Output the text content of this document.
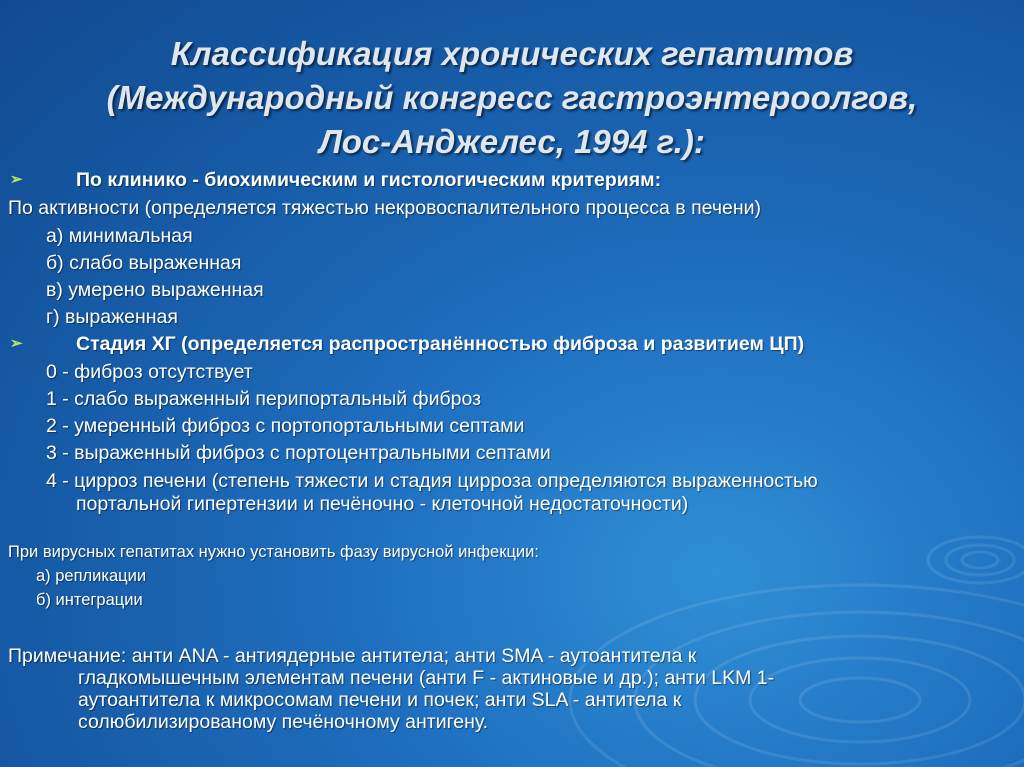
Классификация хронических гепатитов
(Международный конгресс гастроэнтероолгов,
Лос-Анджелес, 1994 г.):
➢	По клинико - биохимическим и гистологическим критериям:
По активности (определяется тяжестью некровоспалительного процесса в печени)
а) минимальная
б) слабо выраженная
в) умерено выраженная
г) выраженная
➢	Стадия ХГ (определяется распространённостью фиброза и развитием ЦП)
0 - фиброз отсутствует
1 - слабо выраженный перипортальный фиброз
2 - умеренный фиброз с портопортальными септами
3 - выраженный фиброз с портоцентральными септами
4 - цирроз печени (степень тяжести и стадия цирроза определяются выраженностью
портальной гипертензии и печёночно - клеточной недостаточности)
При вирусных гепатитах нужно установить фазу вирусной инфекции:
а) репликации
б) интеграции
Примечание: анти ANA - антиядерные антитела; анти SMA - аутоантитела к
гладкомышечным элементам печени (анти F - актиновые и др.); анти LKM 1-
аутоантитела к микросомам печени и почек; анти SLA - антитела к
солюбилизированому печёночному антигену.
